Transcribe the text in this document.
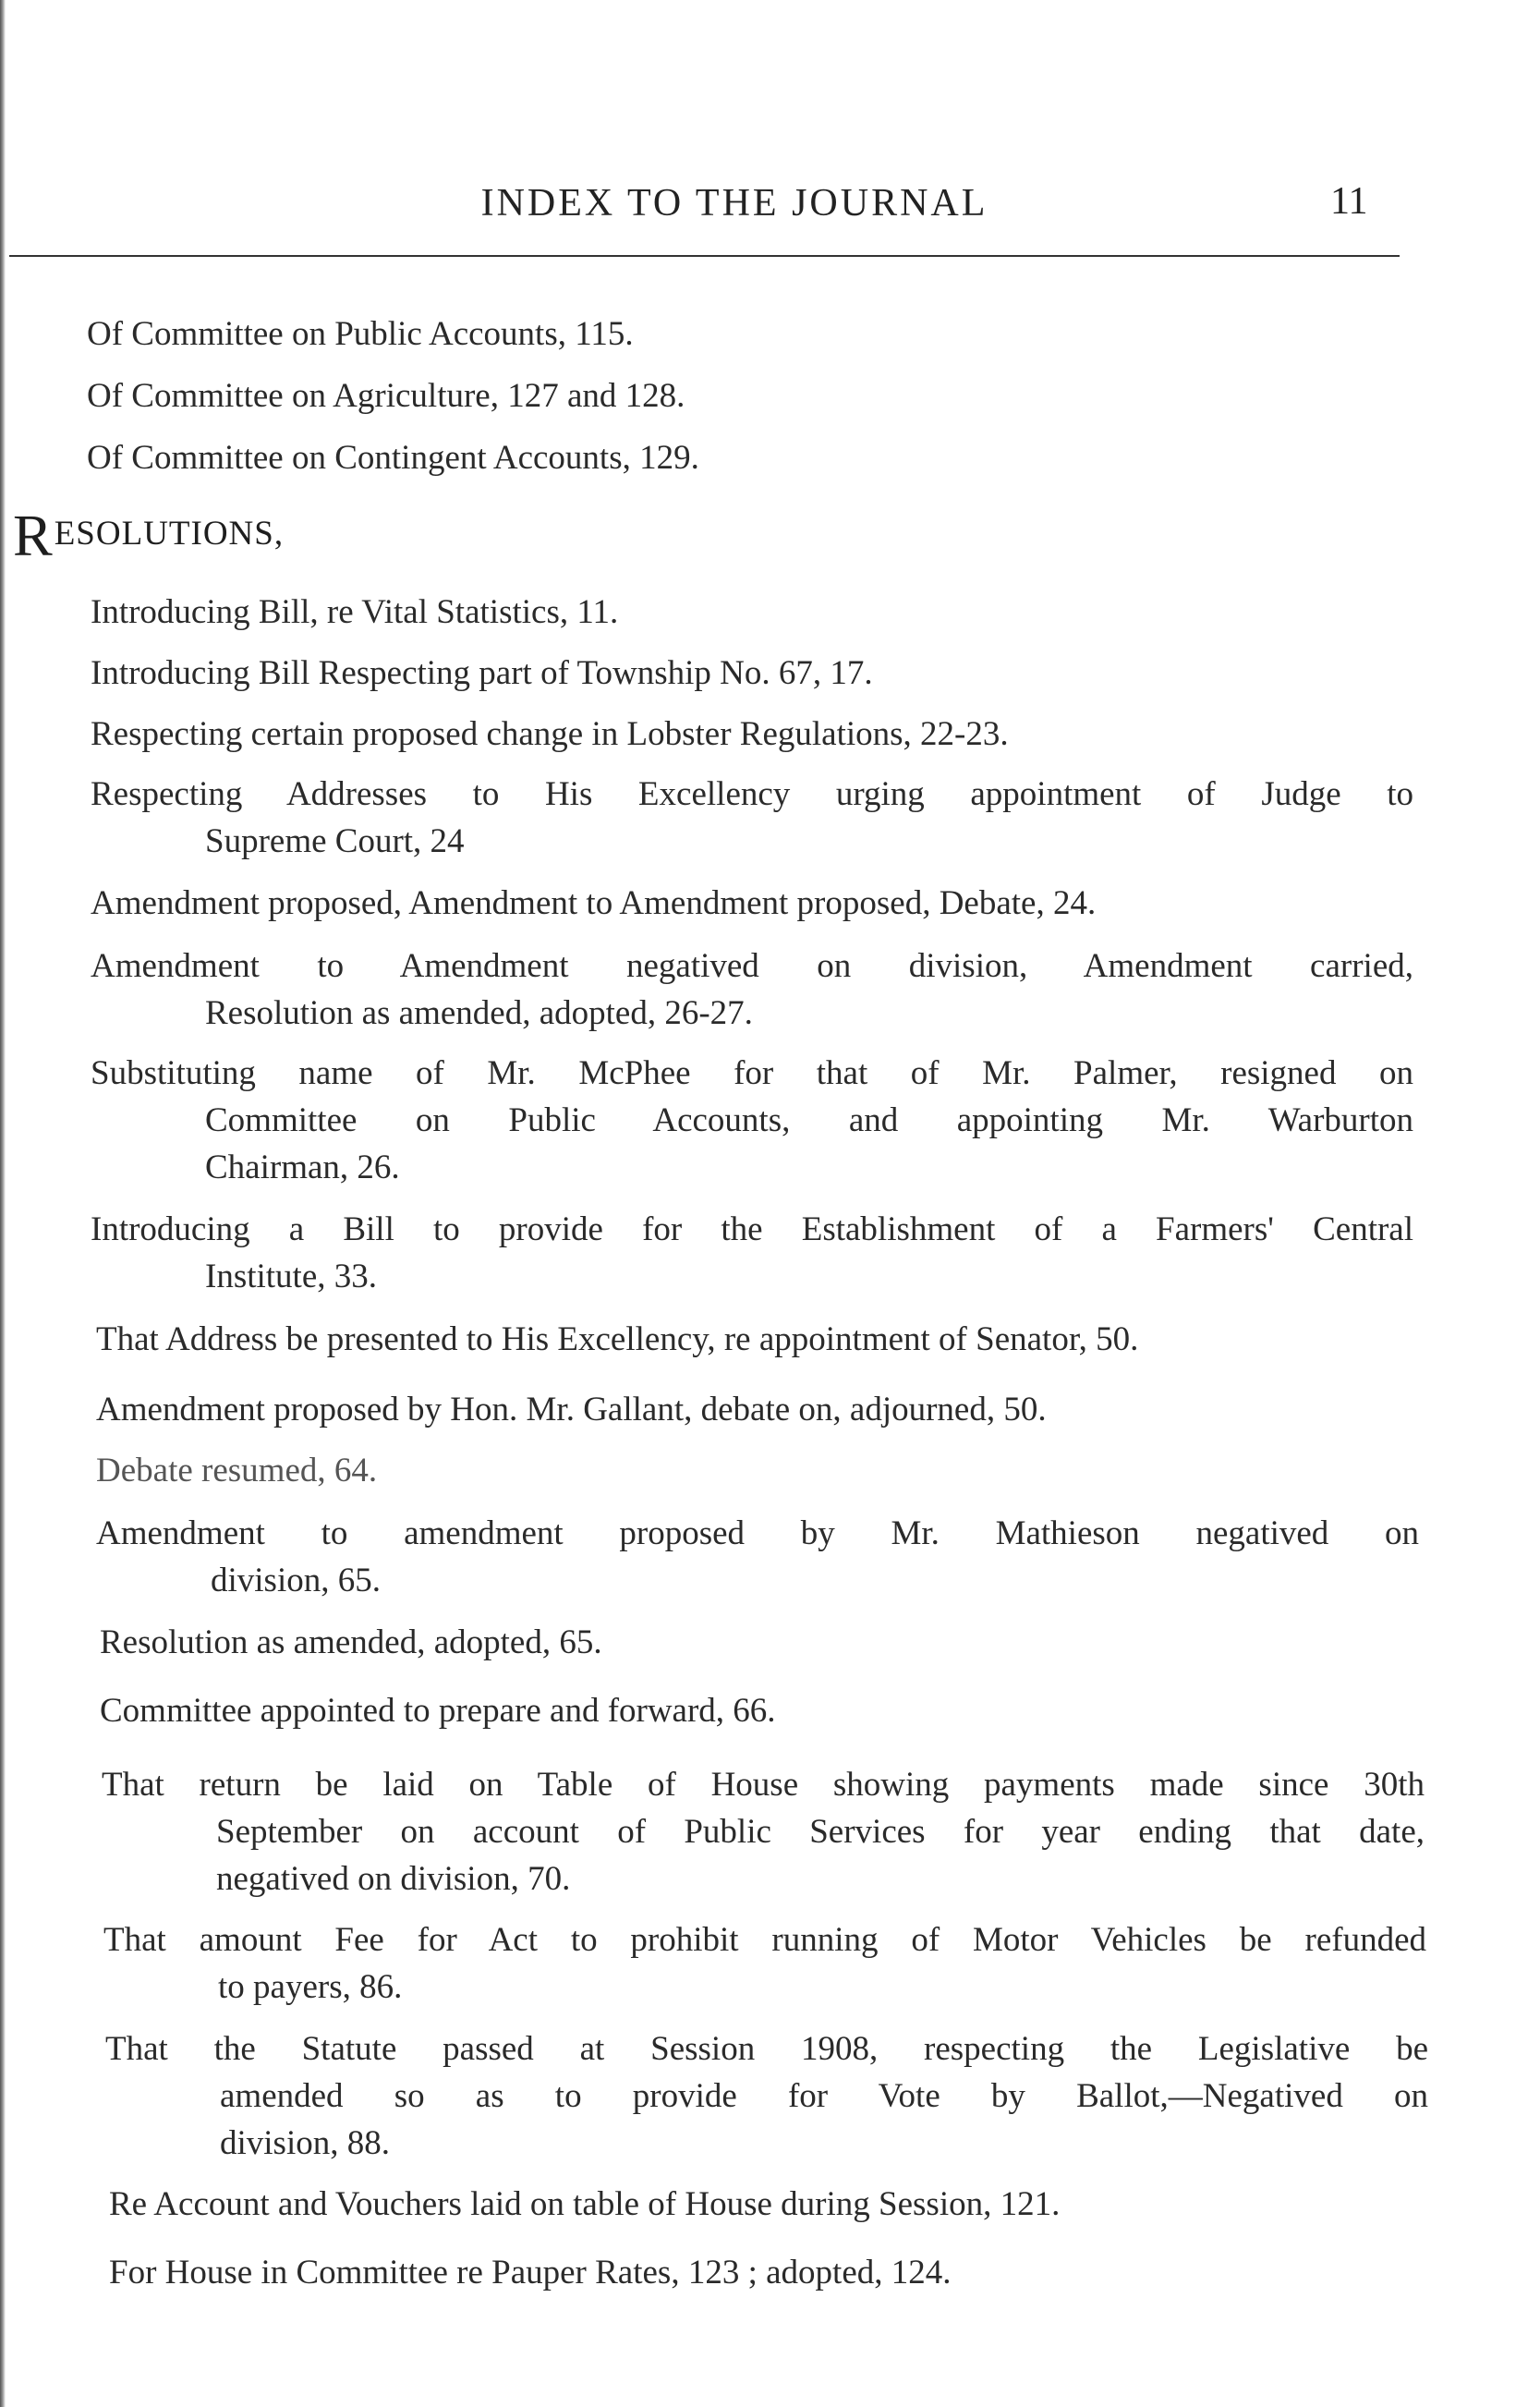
INDEX TO THE JOURNAL	11
Of Committee on Public Accounts, 115.
Of Committee on Agriculture, 127 and 128.
Of Committee on Contingent Accounts, 129.
RESOLUTIONS,
Introducing Bill, re Vital Statistics, 11.
Introducing Bill Respecting part of Township No. 67, 17.
Respecting certain proposed change in Lobster Regulations, 22-23.
Respecting Addresses to His Excellency urging appointment of Judge to
Supreme Court, 24
Amendment proposed, Amendment to Amendment proposed, Debate, 24.
Amendment to Amendment negatived on division, Amendment carried,
Resolution as amended, adopted, 26-27.
Substituting name of Mr. McPhee for that of Mr. Palmer, resigned on
Committee on Public Accounts, and appointing Mr. Warburton
Chairman, 26.
Introducing a Bill to provide for the Establishment of a Farmers' Central
Institute, 33.
That Address be presented to His Excellency, re appointment of Senator, 50.
Amendment proposed by Hon. Mr. Gallant, debate on, adjourned, 50.
Debate resumed, 64.
Amendment to amendment proposed by Mr. Mathieson negatived on
division, 65.
Resolution as amended, adopted, 65.
Committee appointed to prepare and forward, 66.
That return be laid on Table of House showing payments made since 30th
September on account of Public Services for year ending that date,
negatived on division, 70.
That amount Fee for Act to prohibit running of Motor Vehicles be refunded
to payers, 86.
That the Statute passed at Session 1908, respecting the Legislative be
amended so as to provide for Vote by Ballot,—Negatived on
division, 88.
Re Account and Vouchers laid on table of House during Session, 121.
For House in Committee re Pauper Rates, 123 ; adopted, 124.
